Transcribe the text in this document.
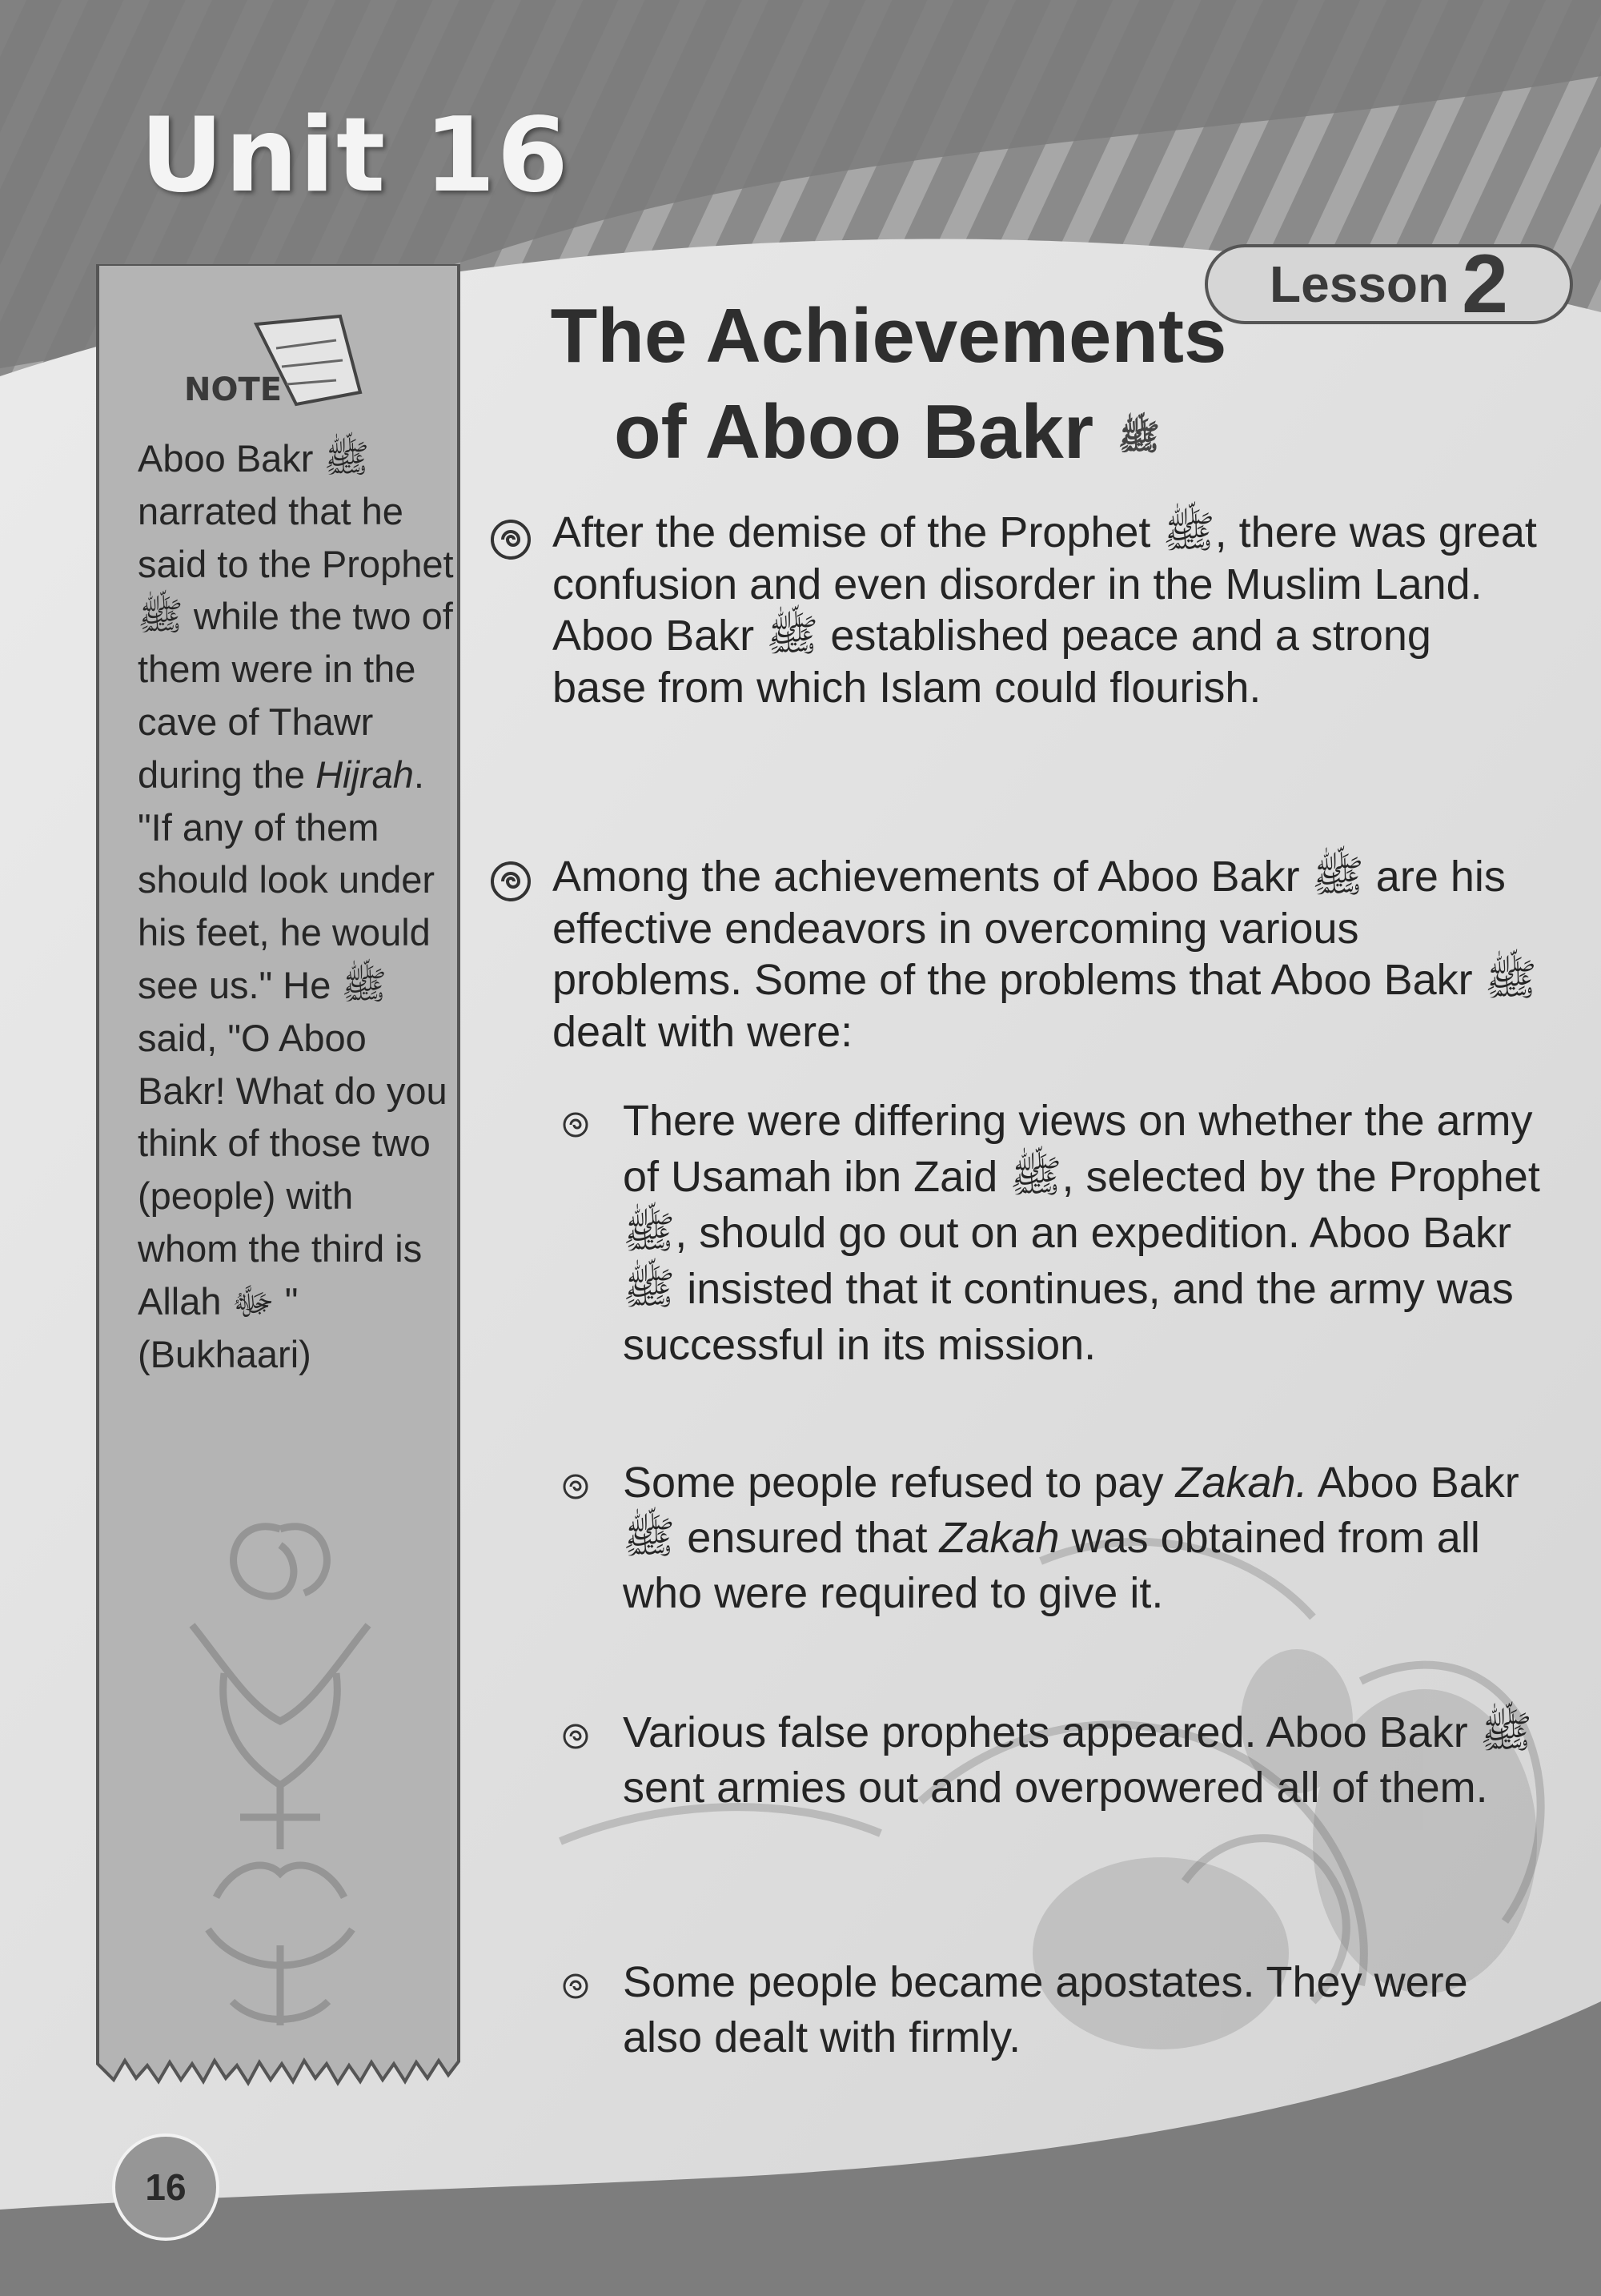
Unit 16
Lesson 2
NOTE

Aboo Bakr ﷺ narrated that he said to the Prophet ﷺ while the two of them were in the cave of Thawr during the Hijrah. "If any of them should look under his feet, he would see us." He ﷺ said, "O Aboo Bakr! What do you think of those two (people) with whom the third is Allah ﷻ " (Bukhaari)

The Achievements
of Aboo Bakr ﷺ

After the demise of the Prophet ﷺ, there was great confusion and even disorder in the Muslim Land. Aboo Bakr ﷺ established peace and a strong base from which Islam could flourish.

Among the achievements of Aboo Bakr ﷺ are his effective endeavors in overcoming various problems. Some of the problems that Aboo Bakr ﷺ dealt with were:

There were differing views on whether the army of Usamah ibn Zaid ﷺ, selected by the Prophet ﷺ, should go out on an expedition. Aboo Bakr ﷺ insisted that it continues, and the army was successful in its mission.

Some people refused to pay Zakah. Aboo Bakr ﷺ ensured that Zakah was obtained from all who were required to give it.

Various false prophets appeared. Aboo Bakr ﷺ sent armies out and overpowered all of them.

Some people became apostates. They were also dealt with firmly.

16
